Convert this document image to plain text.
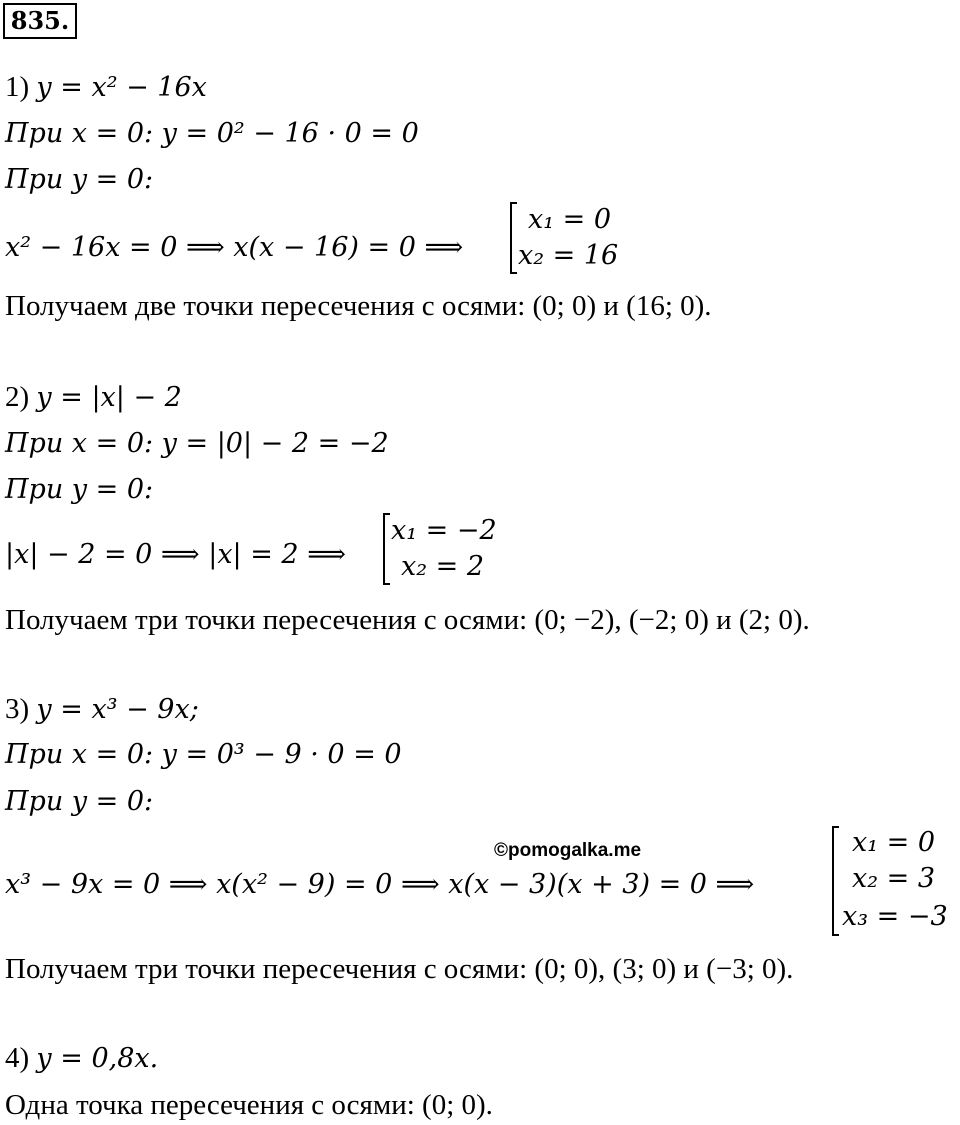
835.
1) y = x² − 16x
При x = 0: y = 0² − 16 · 0 = 0
При y = 0:
x² − 16x = 0 ⟹ x(x − 16) = 0 ⟹
x₁ = 0
x₂ = 16
Получаем две точки пересечения с осями: (0; 0) и (16; 0).
2) y = |x| − 2
При x = 0: y = |0| − 2 = −2
При y = 0:
|x| − 2 = 0 ⟹ |x| = 2 ⟹
x₁ = −2
x₂ = 2
Получаем три точки пересечения с осями: (0; −2), (−2; 0) и (2; 0).
3) y = x³ − 9x;
При x = 0: y = 0³ − 9 · 0 = 0
При y = 0:
x³ − 9x = 0 ⟹ x(x² − 9) = 0 ⟹ x(x − 3)(x + 3) = 0 ⟹
©pomogalka.me	x₁ = 0
x₂ = 3
x₃ = −3
Получаем три точки пересечения с осями: (0; 0), (3; 0) и (−3; 0).
4) y = 0,8x.
Одна точка пересечения с осями: (0; 0).
